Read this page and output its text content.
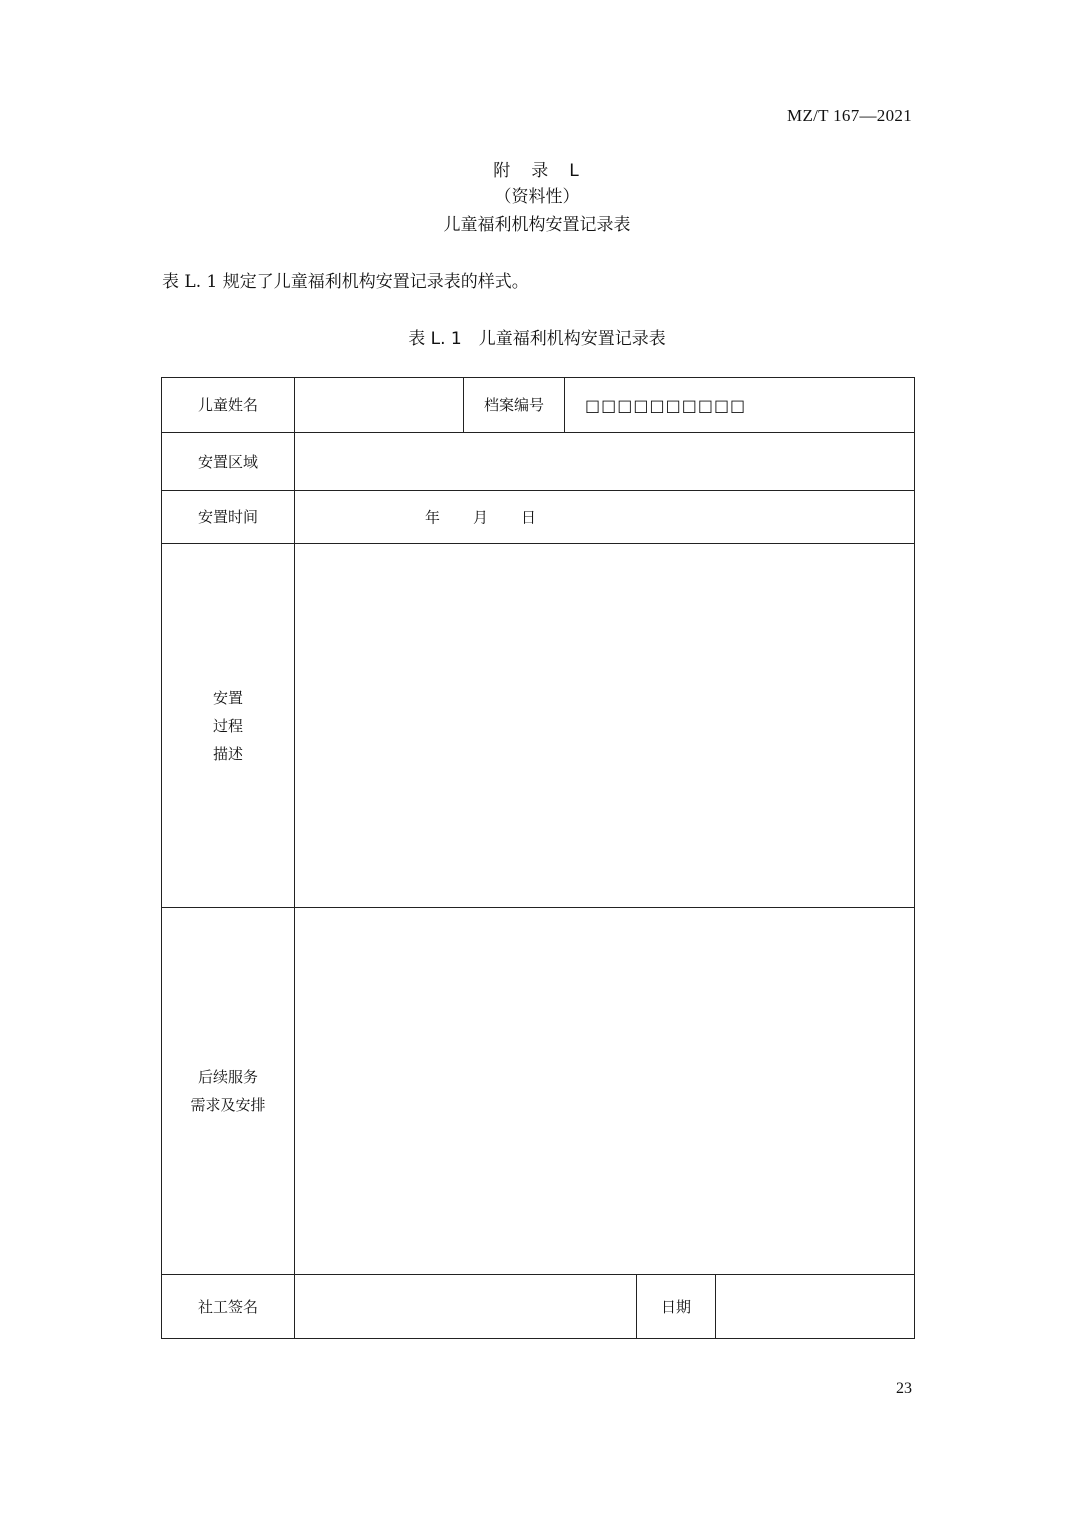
MZ/T 167—2021
附　录　L
（资料性）
儿童福利机构安置记录表
表 L. 1 规定了儿童福利机构安置记录表的样式。
表 L. 1　儿童福利机构安置记录表
儿童姓名		档案编号	□□□□□□□□□□		

安置区域					

安置时间	年 月 日				

安置
过程
描述					

后续服务
需求及安排					

社工签名				日期	

23
